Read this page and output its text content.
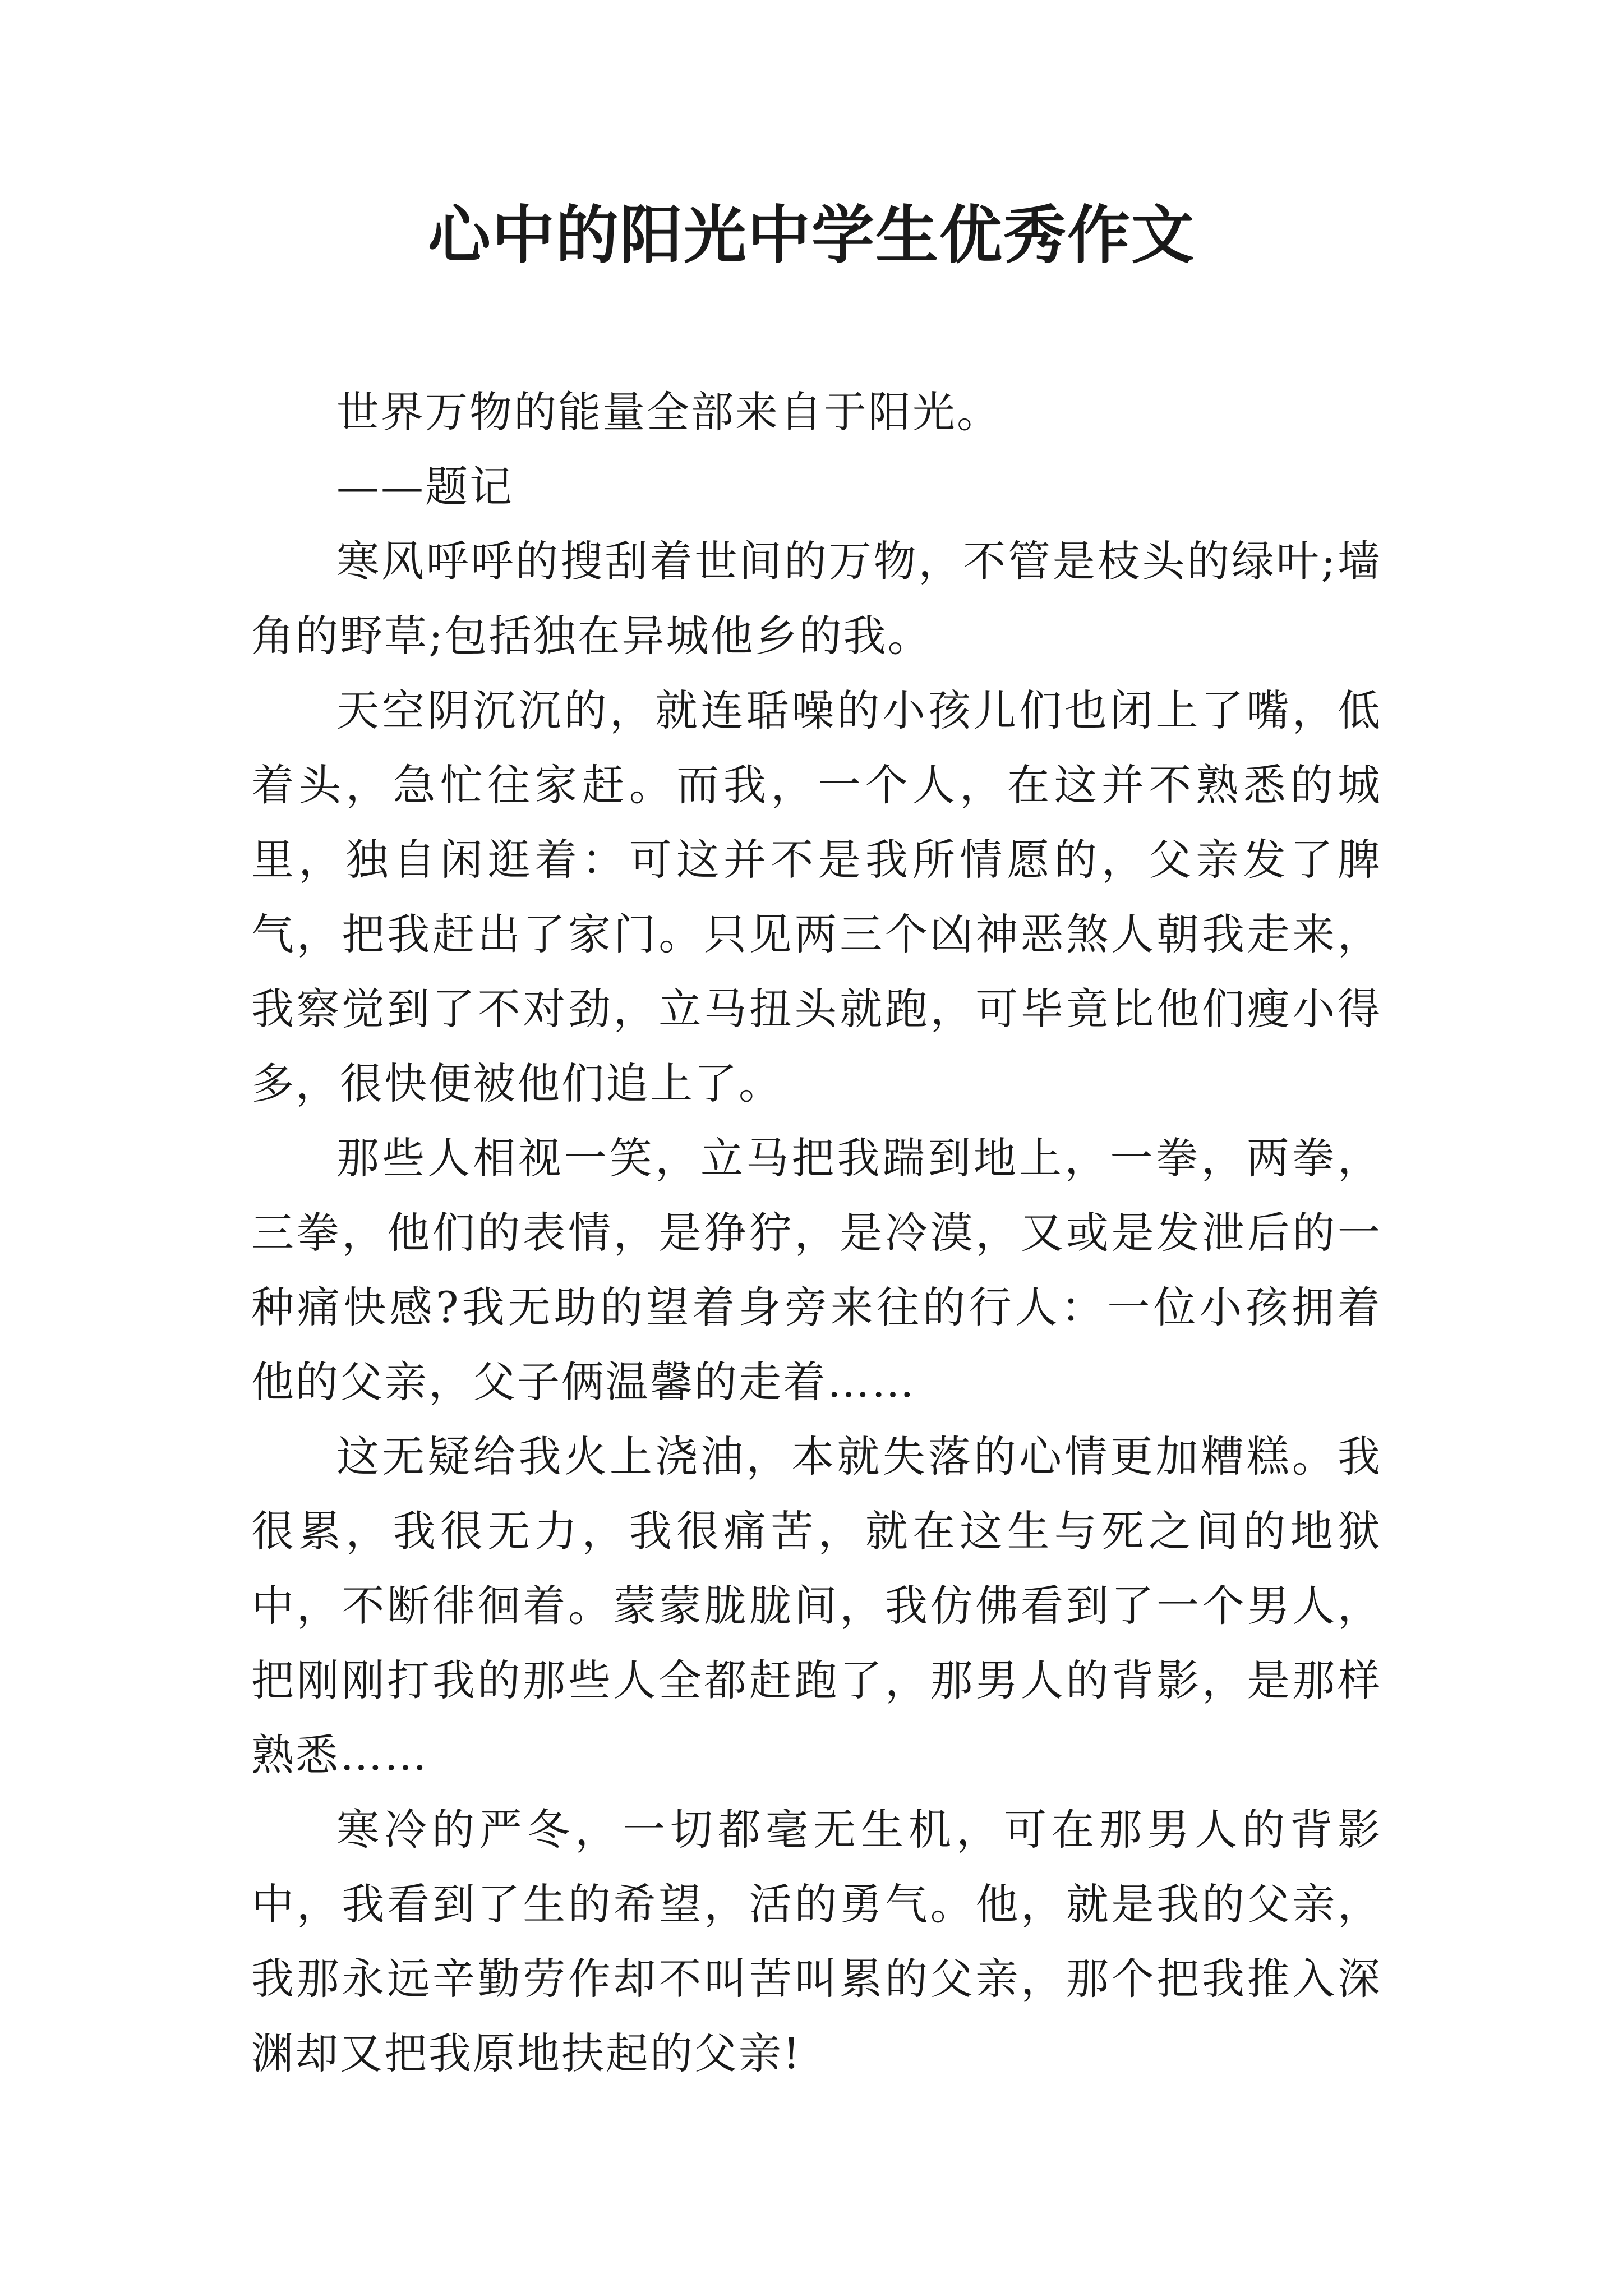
心中的阳光中学生优秀作文

世界万物的能量全部来自于阳光。

——题记

寒风呼呼的搜刮着世间的万物，不管是枝头的绿叶;墙角的野草;包括独在异城他乡的我。

天空阴沉沉的，就连聒噪的小孩儿们也闭上了嘴，低着头，急忙往家赶。而我，一个人，在这并不熟悉的城里，独自闲逛着：可这并不是我所情愿的，父亲发了脾气，把我赶出了家门。只见两三个凶神恶煞人朝我走来，我察觉到了不对劲，立马扭头就跑，可毕竟比他们瘦小得多，很快便被他们追上了。

那些人相视一笑，立马把我踹到地上，一拳，两拳，三拳，他们的表情，是狰狞，是冷漠，又或是发泄后的一种痛快感?我无助的望着身旁来往的行人：一位小孩拥着他的父亲，父子俩温馨的走着……

这无疑给我火上浇油，本就失落的心情更加糟糕。我很累，我很无力，我很痛苦，就在这生与死之间的地狱中，不断徘徊着。蒙蒙胧胧间，我仿佛看到了一个男人，把刚刚打我的那些人全都赶跑了，那男人的背影，是那样熟悉……

寒冷的严冬，一切都毫无生机，可在那男人的背影中，我看到了生的希望，活的勇气。他，就是我的父亲，我那永远辛勤劳作却不叫苦叫累的父亲，那个把我推入深渊却又把我原地扶起的父亲!
